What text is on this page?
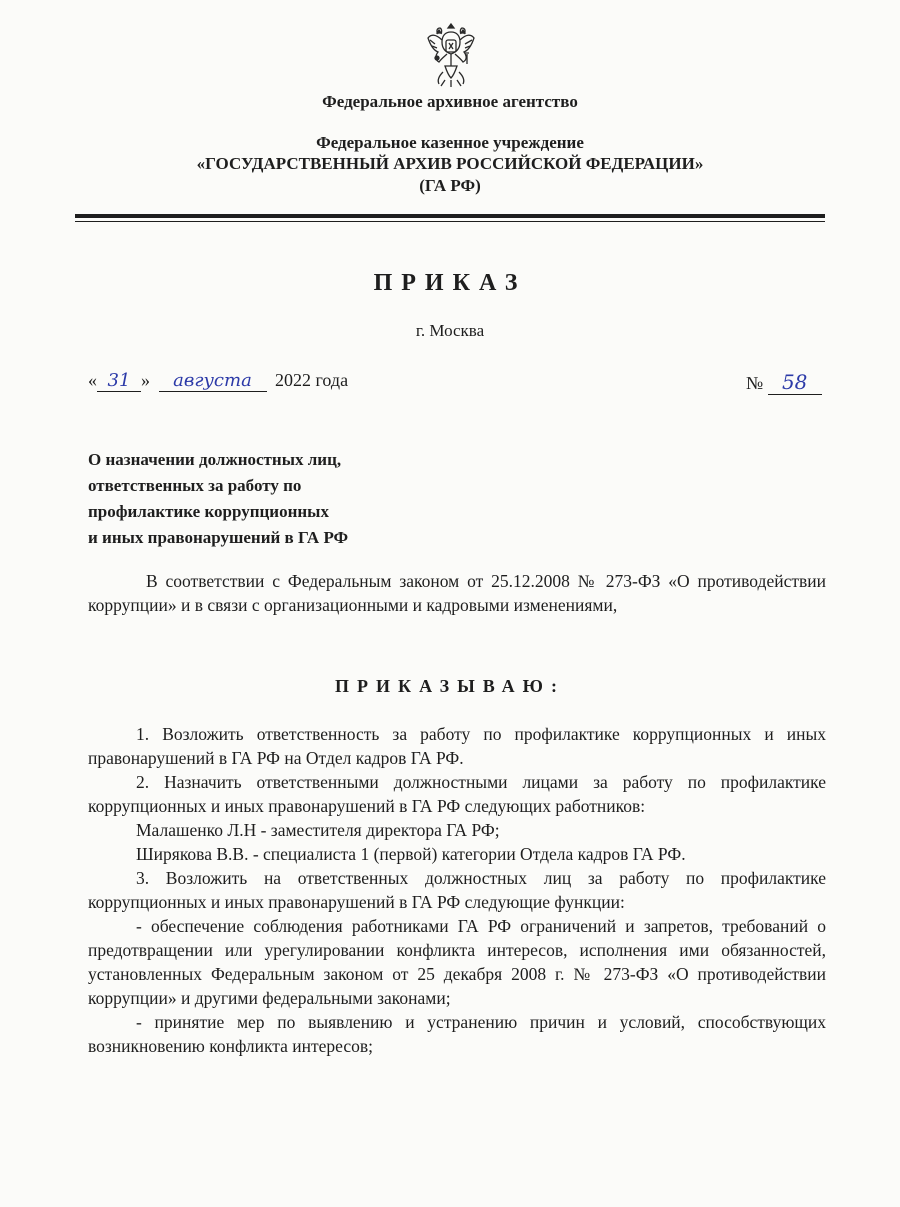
Федеральное архивное агентство
Федеральное казенное учреждение
«ГОСУДАРСТВЕННЫЙ АРХИВ РОССИЙСКОЙ ФЕДЕРАЦИИ»
(ГА РФ)
ПРИКАЗ
г. Москва
« 31 » августа 2022 года	№ 58
О назначении должностных лиц,
ответственных за работу по
профилактике коррупционных
и иных правонарушений в ГА РФ

В соответствии с Федеральным законом от 25.12.2008 № 273-ФЗ «О противодействии коррупции» и в связи с организационными и кадровыми изменениями,

ПРИКАЗЫВАЮ:

1. Возложить ответственность за работу по профилактике коррупционных и иных правонарушений в ГА РФ на Отдел кадров ГА РФ.

2. Назначить ответственными должностными лицами за работу по профилактике коррупционных и иных правонарушений в ГА РФ следующих работников:

Малашенко Л.Н - заместителя директора ГА РФ;

Ширякова В.В. - специалиста 1 (первой) категории Отдела кадров ГА РФ.

3. Возложить на ответственных должностных лиц за работу по профилактике коррупционных и иных правонарушений в ГА РФ следующие функции:

- обеспечение соблюдения работниками ГА РФ ограничений и запретов, требований о предотвращении или урегулировании конфликта интересов, исполнения ими обязанностей, установленных Федеральным законом от 25 декабря 2008 г. № 273-ФЗ «О противодействии коррупции» и другими федеральными законами;

- принятие мер по выявлению и устранению причин и условий, способствующих возникновению конфликта интересов;
